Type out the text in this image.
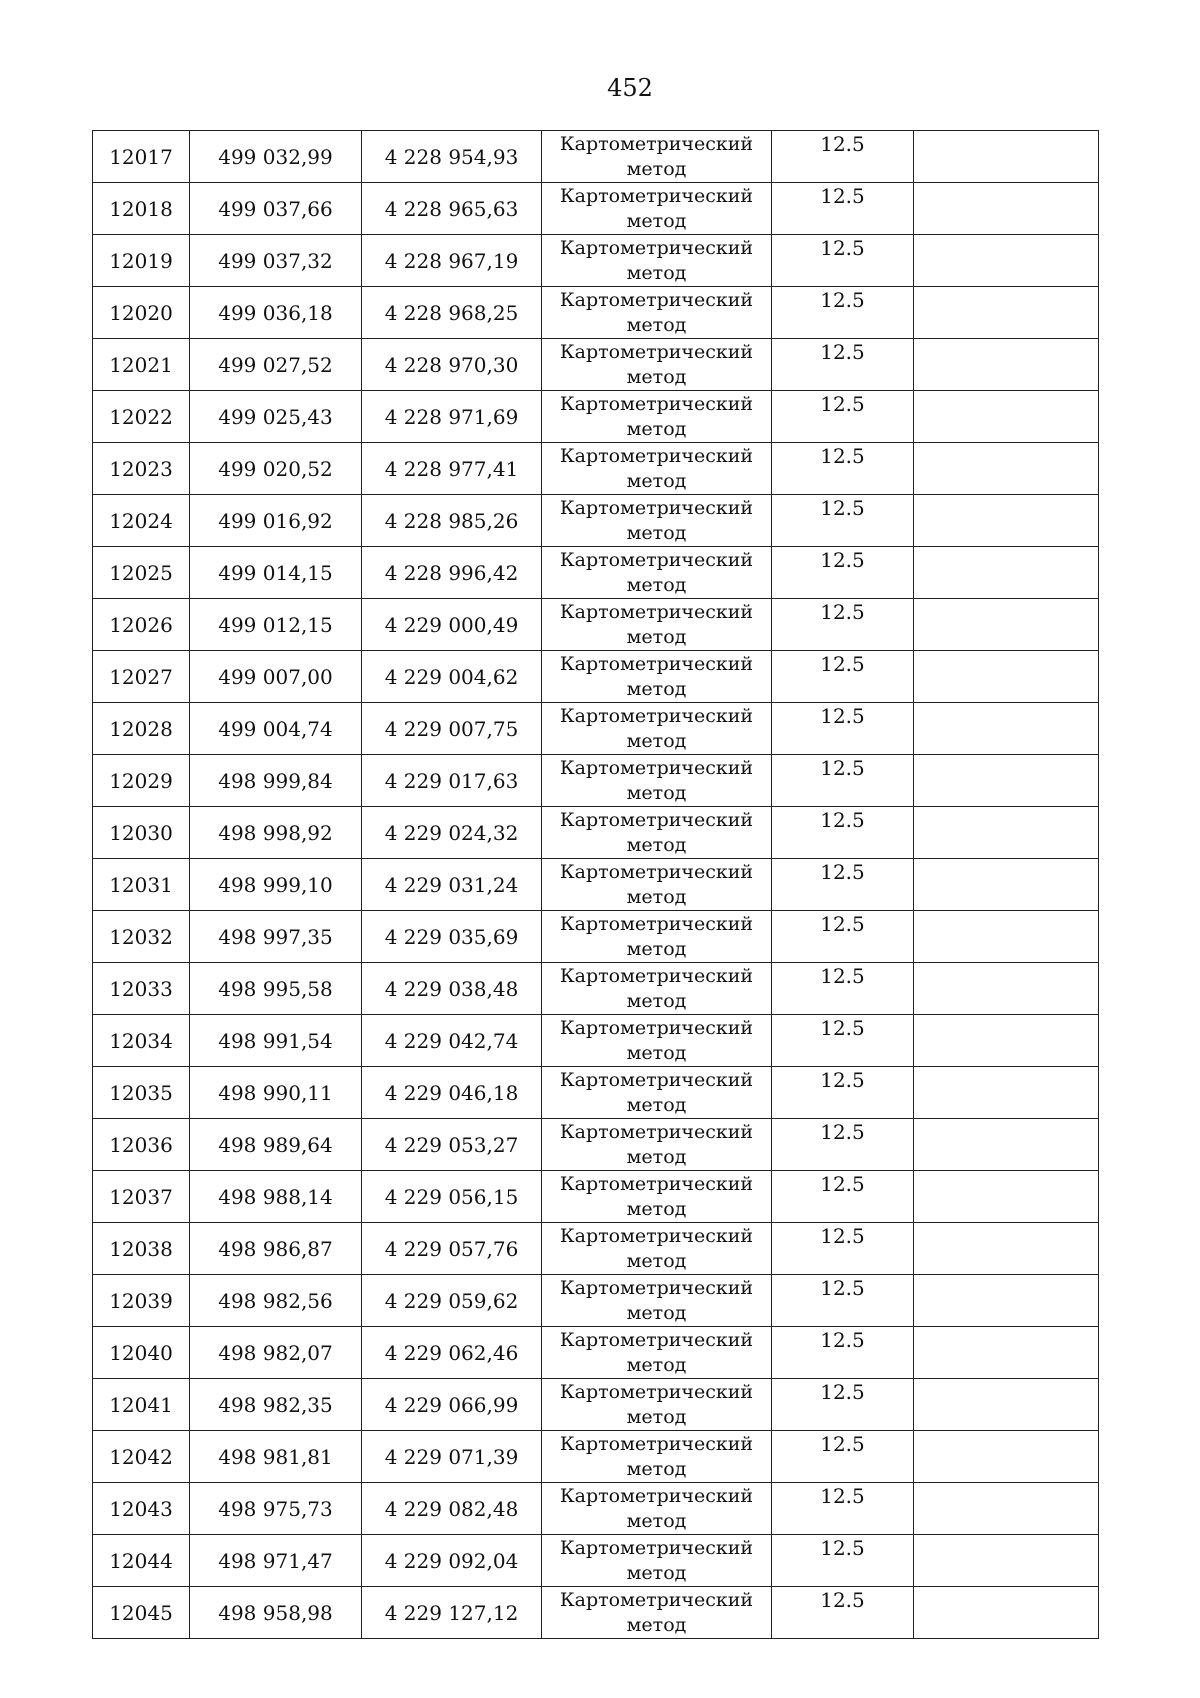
452
12017	499 032,99	4 228 954,93	Картометрический
метод	12.5	
12018	499 037,66	4 228 965,63	Картометрический
метод	12.5	
12019	499 037,32	4 228 967,19	Картометрический
метод	12.5	
12020	499 036,18	4 228 968,25	Картометрический
метод	12.5	
12021	499 027,52	4 228 970,30	Картометрический
метод	12.5	
12022	499 025,43	4 228 971,69	Картометрический
метод	12.5	
12023	499 020,52	4 228 977,41	Картометрический
метод	12.5	
12024	499 016,92	4 228 985,26	Картометрический
метод	12.5	
12025	499 014,15	4 228 996,42	Картометрический
метод	12.5	
12026	499 012,15	4 229 000,49	Картометрический
метод	12.5	
12027	499 007,00	4 229 004,62	Картометрический
метод	12.5	
12028	499 004,74	4 229 007,75	Картометрический
метод	12.5	
12029	498 999,84	4 229 017,63	Картометрический
метод	12.5	
12030	498 998,92	4 229 024,32	Картометрический
метод	12.5	
12031	498 999,10	4 229 031,24	Картометрический
метод	12.5	
12032	498 997,35	4 229 035,69	Картометрический
метод	12.5	
12033	498 995,58	4 229 038,48	Картометрический
метод	12.5	
12034	498 991,54	4 229 042,74	Картометрический
метод	12.5	
12035	498 990,11	4 229 046,18	Картометрический
метод	12.5	
12036	498 989,64	4 229 053,27	Картометрический
метод	12.5	
12037	498 988,14	4 229 056,15	Картометрический
метод	12.5	
12038	498 986,87	4 229 057,76	Картометрический
метод	12.5	
12039	498 982,56	4 229 059,62	Картометрический
метод	12.5	
12040	498 982,07	4 229 062,46	Картометрический
метод	12.5	
12041	498 982,35	4 229 066,99	Картометрический
метод	12.5	
12042	498 981,81	4 229 071,39	Картометрический
метод	12.5	
12043	498 975,73	4 229 082,48	Картометрический
метод	12.5	
12044	498 971,47	4 229 092,04	Картометрический
метод	12.5	
12045	498 958,98	4 229 127,12	Картометрический
метод	12.5	
